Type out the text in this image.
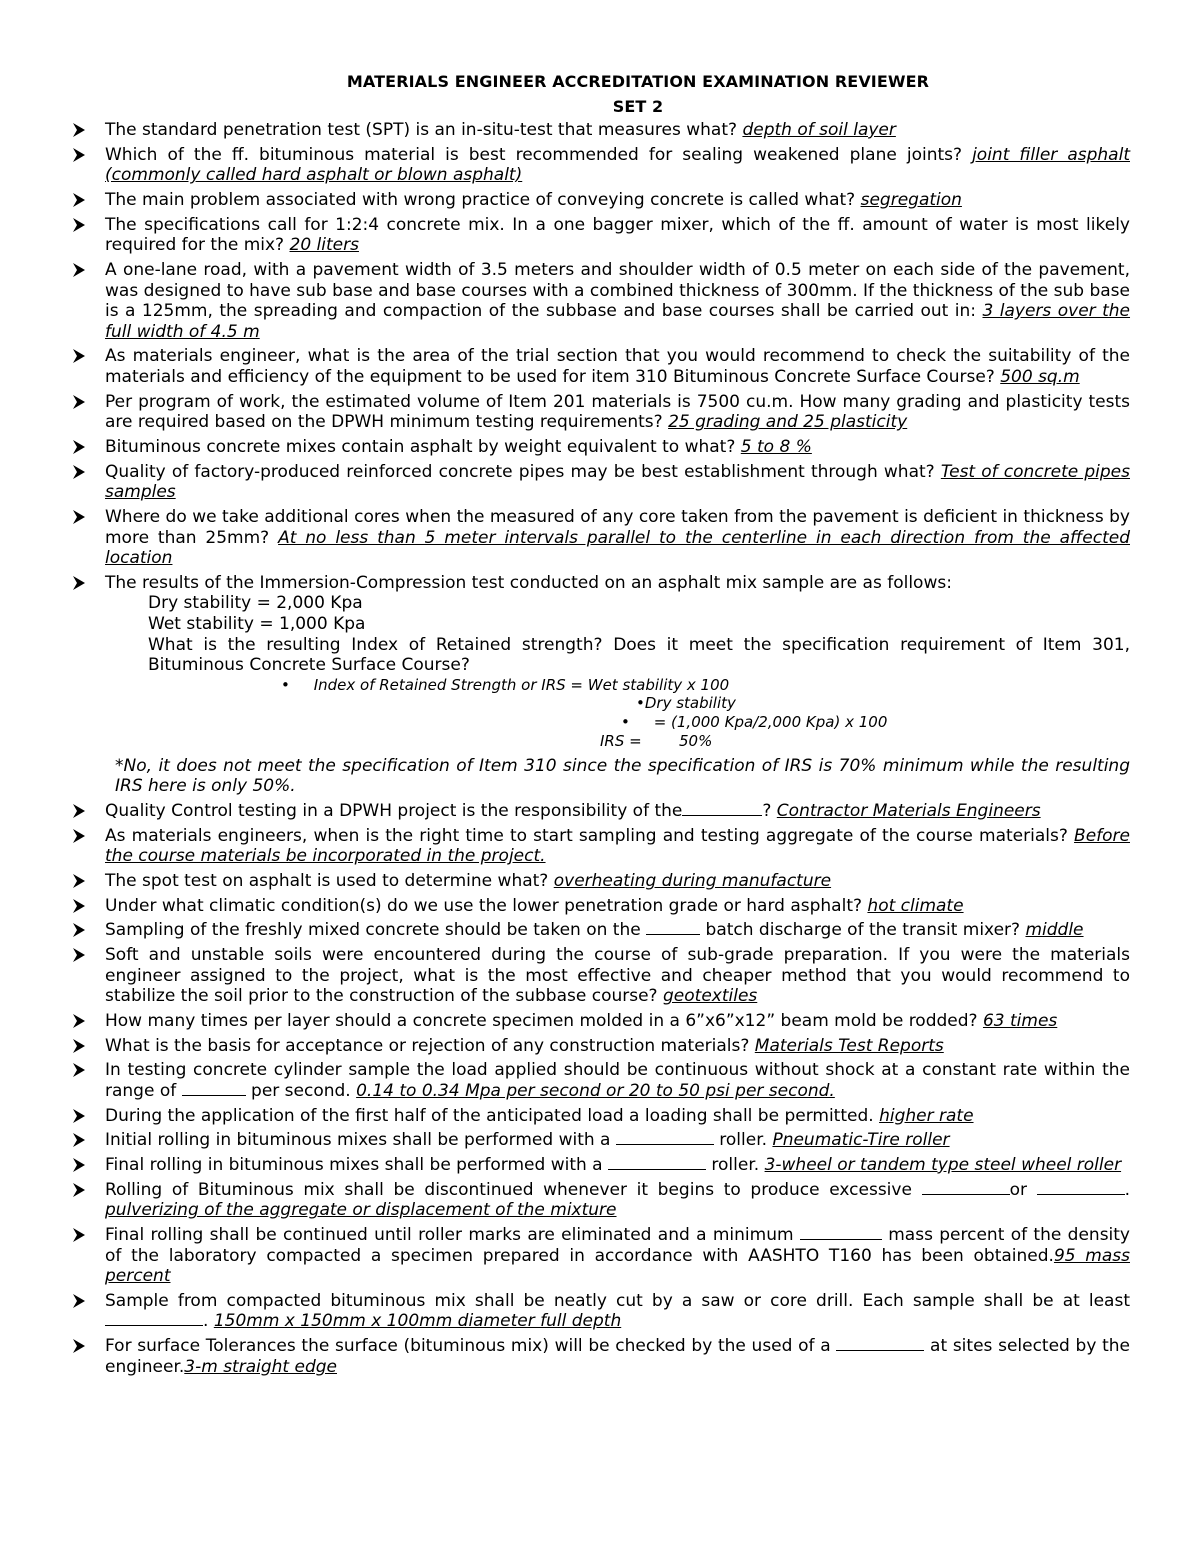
MATERIALS ENGINEER ACCREDITATION EXAMINATION REVIEWER
SET 2
The standard penetration test (SPT) is an in-situ-test that measures what? depth of soil layer
Which of the ff. bituminous material is best recommended for sealing weakened plane joints? joint filler asphalt (commonly called hard asphalt or blown asphalt)
The main problem associated with wrong practice of conveying concrete is called what? segregation
The specifications call for 1:2:4 concrete mix. In a one bagger mixer, which of the ff. amount of water is most likely required for the mix? 20 liters
A one-lane road, with a pavement width of 3.5 meters and shoulder width of 0.5 meter on each side of the pavement, was designed to have sub base and base courses with a combined thickness of 300mm. If the thickness of the sub base is a 125mm, the spreading and compaction of the subbase and base courses shall be carried out in: 3 layers over the full width of 4.5 m
As materials engineer, what is the area of the trial section that you would recommend to check the suitability of the materials and efficiency of the equipment to be used for item 310 Bituminous Concrete Surface Course? 500 sq.m
Per program of work, the estimated volume of Item 201 materials is 7500 cu.m. How many grading and plasticity tests are required based on the DPWH minimum testing requirements? 25 grading and 25 plasticity
Bituminous concrete mixes contain asphalt by weight equivalent to what? 5 to 8 %
Quality of factory-produced reinforced concrete pipes may be best establishment through what? Test of concrete pipes samples
Where do we take additional cores when the measured of any core taken from the pavement is deficient in thickness by more than 25mm? At no less than 5 meter intervals parallel to the centerline in each direction from the affected location
The results of the Immersion-Compression test conducted on an asphalt mix sample are as follows:
Dry stability = 2,000 Kpa
Wet stability = 1,000 Kpa
What is the resulting Index of Retained strength? Does it meet the specification requirement of Item 301, Bituminous Concrete Surface Course?
•     Index of Retained Strength or IRS = Wet stability x 100
•Dry stability
•     = (1,000 Kpa/2,000 Kpa) x 100
IRS = 50%
*No, it does not meet the specification of Item 310 since the specification of IRS is 70% minimum while the resulting IRS here is only 50%.
Quality Control testing in a DPWH project is the responsibility of the	? Contractor Materials Engineers
As materials engineers, when is the right time to start sampling and testing aggregate of the course materials? Before the course materials be incorporated in the project.
The spot test on asphalt is used to determine what? overheating during manufacture
Under what climatic condition(s) do we use the lower penetration grade or hard asphalt? hot climate
Sampling of the freshly mixed concrete should be taken on the	batch discharge of the transit mixer? middle
Soft and unstable soils were encountered during the course of sub-grade preparation. If you were the materials engineer assigned to the project, what is the most effective and cheaper method that you would recommend to stabilize the soil prior to the construction of the subbase course? geotextiles
How many times per layer should a concrete specimen molded in a 6”x6”x12” beam mold be rodded? 63 times
What is the basis for acceptance or rejection of any construction materials? Materials Test Reports
In testing concrete cylinder sample the load applied should be continuous without shock at a constant rate within the range of	per second. 0.14 to 0.34 Mpa per second or 20 to 50 psi per second.
During the application of the first half of the anticipated load a loading shall be permitted. higher rate
Initial rolling in bituminous mixes shall be performed with a	roller. Pneumatic-Tire roller
Final rolling in bituminous mixes shall be performed with a	roller. 3-wheel or tandem type steel wheel roller
Rolling of Bituminous mix shall be discontinued whenever it begins to produce excessive	or	. pulverizing of the aggregate or displacement of the mixture
Final rolling shall be continued until roller marks are eliminated and a minimum	mass percent of the density of the laboratory compacted a specimen prepared in accordance with AASHTO T160 has been obtained.95 mass percent
Sample from compacted bituminous mix shall be neatly cut by a saw or core drill. Each sample shall be at least . 150mm x 150mm x 100mm diameter full depth
For surface Tolerances the surface (bituminous mix) will be checked by the used of a	at sites selected by the engineer.3-m straight edge
